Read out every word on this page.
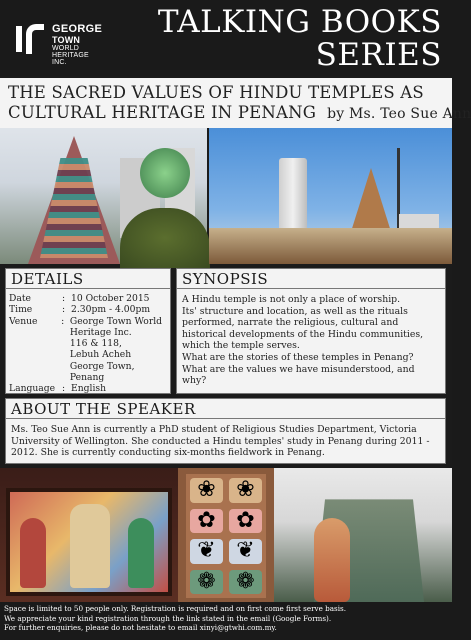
GEORGE
TOWN
WORLD
HERITAGE
INC.
TALKING BOOKS
SERIES
THE SACRED VALUES OF HINDU TEMPLES AS
CULTURAL HERITAGE IN PENANG by Ms. Teo Sue Ann
DETAILS
Date	: 10 October 2015
Time	: 2.30pm - 4.00pm
Venue	: George Town World
Heritage Inc.
116 & 118,
Lebuh Acheh
George Town, Penang
Language : English
SYNOPSIS

A Hindu temple is not only a place of worship.

Its' structure and location, as well as the rituals performed, narrate the religious, cultural and historical developments of the Hindu communities, which the temple serves.

What are the stories of these temples in Penang?

What are the values we have misunderstood, and why?

ABOUT THE SPEAKER
Ms. Teo Sue Ann is currently a PhD student of Religious Studies Department, Victoria University of Wellington. She conducted a Hindu temples' study in Penang during 2011 - 2012. She is currently conducting six-months fieldwork in Penang.
❀ ❀
✿ ✿
❦ ❦
❁ ❁

Space is limited to 50 people only. Registration is required and on first come first serve basis.

We appreciate your kind registration through the link stated in the email (Google Forms).

For further enquiries, please do not hesitate to email xinyi@gtwhi.com.my.
